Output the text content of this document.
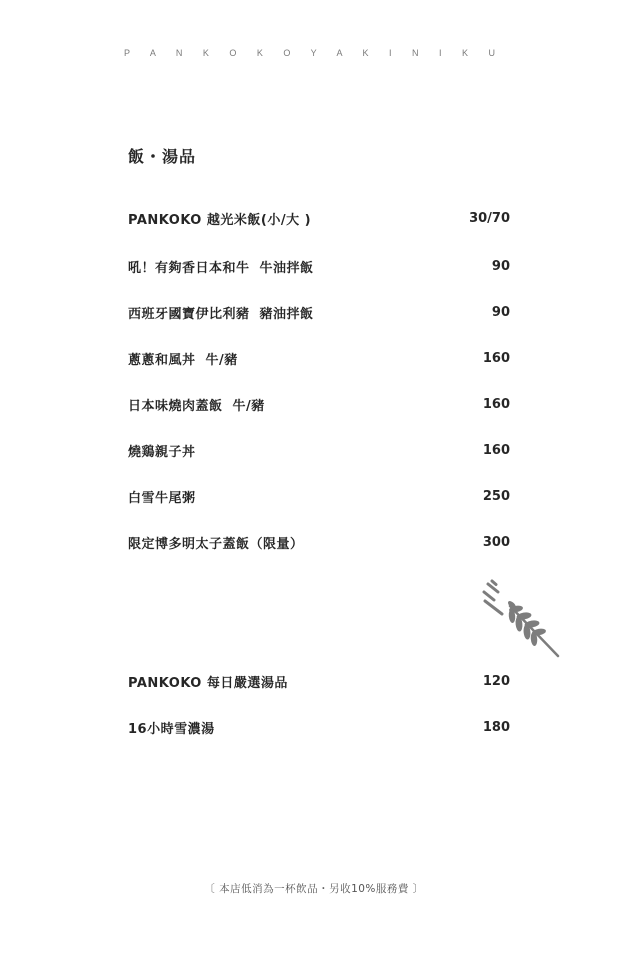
P A N K O K O Y A K I N I K U
飯・湯品
PANKOKO 越光米飯(小/大 )	30/70
吼！有夠香日本和牛  牛油拌飯	90
西班牙國寶伊比利豬  豬油拌飯	90
蔥蔥和風丼  牛/豬	160
日本味燒肉蓋飯  牛/豬	160
燒鶏親子丼	160
白雪牛尾粥	250
限定博多明太子蓋飯（限量）	300
PANKOKO 每日嚴選湯品	120
16小時雪濃湯	180
〔 本店低消為一杯飲品・另收10%服務費 〕
